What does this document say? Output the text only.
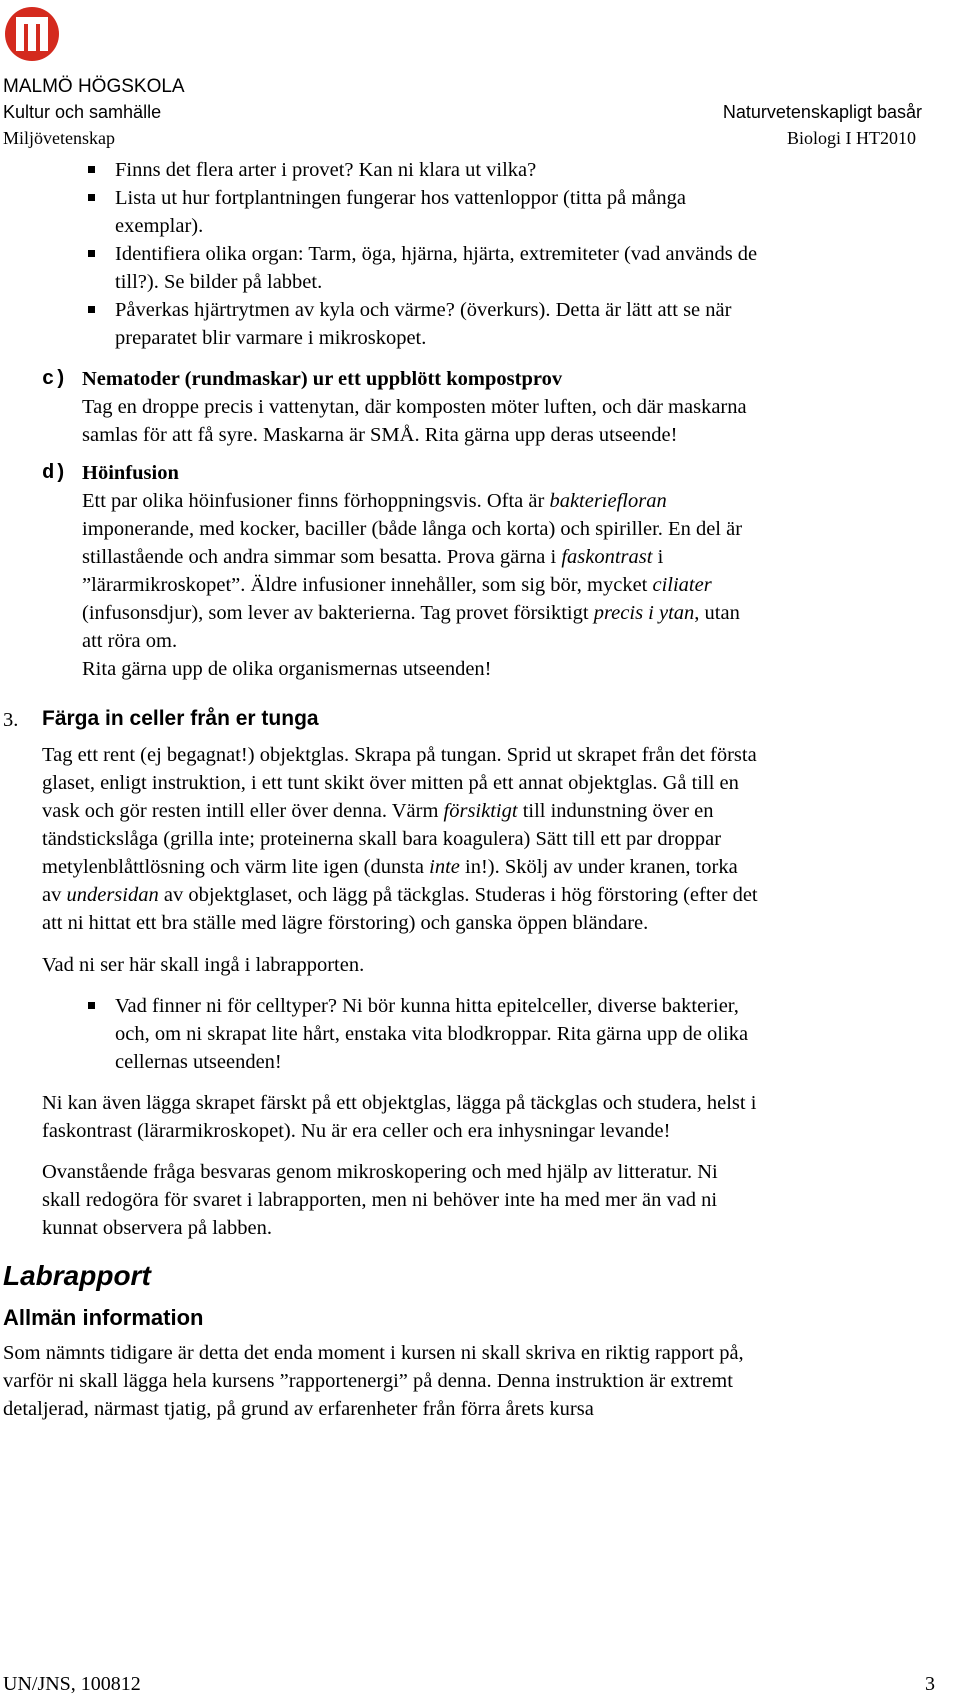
MALMÖ HÖGSKOLA
Kultur och samhälle
Miljövetenskap
Naturvetenskapligt basår
Biologi I HT2010
Finns det flera arter i provet? Kan ni klara ut vilka?
Lista ut hur fortplantningen fungerar hos vattenloppor (titta på många
exemplar).
Identifiera olika organ: Tarm, öga, hjärna, hjärta, extremiteter (vad används de
till?). Se bilder på labbet.
Påverkas hjärtrytmen av kyla och värme? (överkurs). Detta är lätt att se när
preparatet blir varmare i mikroskopet.
c) Nematoder (rundmaskar) ur ett uppblött kompostprov
Tag en droppe precis i vattenytan, där komposten möter luften, och där maskarna
samlas för att få syre. Maskarna är SMÅ. Rita gärna upp deras utseende!
d) Höinfusion
Ett par olika höinfusioner finns förhoppningsvis. Ofta är bakteriefloran
imponerande, med kocker, baciller (både långa och korta) och spiriller. En del är
stillastående och andra simmar som besatta. Prova gärna i faskontrast i
”lärarmikroskopet”. Äldre infusioner innehåller, som sig bör, mycket ciliater
(infusonsdjur), som lever av bakterierna. Tag provet försiktigt precis i ytan, utan
att röra om.
Rita gärna upp de olika organismernas utseenden!
3. Färga in celler från er tunga
Tag ett rent (ej begagnat!) objektglas. Skrapa på tungan. Sprid ut skrapet från det första
glaset, enligt instruktion, i ett tunt skikt över mitten på ett annat objektglas. Gå till en
vask och gör resten intill eller över denna. Värm försiktigt till indunstning över en
tändstickslåga (grilla inte; proteinerna skall bara koagulera) Sätt till ett par droppar
metylenblåttlösning och värm lite igen (dunsta inte in!). Skölj av under kranen, torka
av undersidan av objektglaset, och lägg på täckglas. Studeras i hög förstoring (efter det
att ni hittat ett bra ställe med lägre förstoring) och ganska öppen bländare.
Vad ni ser här skall ingå i labrapporten.
Vad finner ni för celltyper? Ni bör kunna hitta epitelceller, diverse bakterier,
och, om ni skrapat lite hårt, enstaka vita blodkroppar. Rita gärna upp de olika
cellernas utseenden!
Ni kan även lägga skrapet färskt på ett objektglas, lägga på täckglas och studera, helst i
faskontrast (lärarmikroskopet). Nu är era celler och era inhysningar levande!
Ovanstående fråga besvaras genom mikroskopering och med hjälp av litteratur. Ni
skall redogöra för svaret i labrapporten, men ni behöver inte ha med mer än vad ni
kunnat observera på labben.
Labrapport
Allmän information
Som nämnts tidigare är detta det enda moment i kursen ni skall skriva en riktig rapport på,
varför ni skall lägga hela kursens ”rapportenergi” på denna. Denna instruktion är extremt
detaljerad, närmast tjatig, på grund av erfarenheter från förra årets kursa
UN/JNS, 100812	3
